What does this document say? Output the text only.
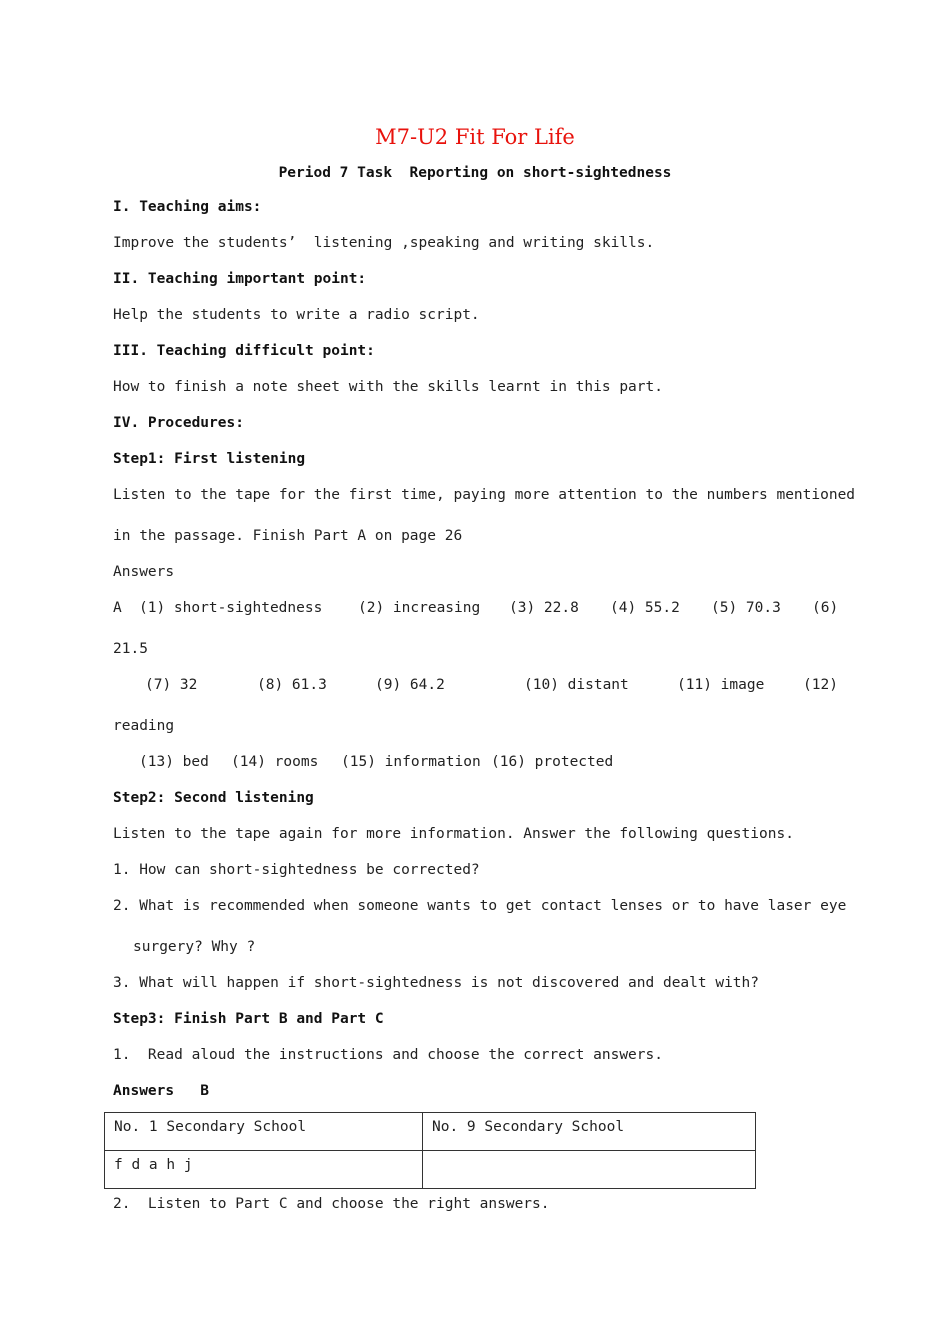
M7-U2 Fit For Life
Period 7 Task  Reporting on short-sightedness
I. Teaching aims:
Improve the students’  listening ,speaking and writing skills.
II. Teaching important point:
Help the students to write a radio script.
III. Teaching difficult point:
How to finish a note sheet with the skills learnt in this part.
IV. Procedures:
Step1: First listening
Listen to the tape for the first time, paying more attention to the numbers mentioned
in the passage. Finish Part A on page 26
Answers
A (1) short-sightedness (2) increasing (3) 22.8 (4) 55.2 (5) 70.3 (6)
21.5
(7) 32	(8) 61.3	(9) 64.2	(10) distant	(11) image	(12)
reading
(13) bed (14) rooms (15) information (16) protected
Step2: Second listening
Listen to the tape again for more information. Answer the following questions.
1. How can short-sightedness be corrected?
2. What is recommended when someone wants to get contact lenses or to have laser eye
surgery? Why ?
3. What will happen if short-sightedness is not discovered and dealt with?
Step3: Finish Part B and Part C
1.  Read aloud the instructions and choose the correct answers.
Answers   B
No. 1 Secondary School	No. 9 Secondary School
f d a h j	
2.  Listen to Part C and choose the right answers.
